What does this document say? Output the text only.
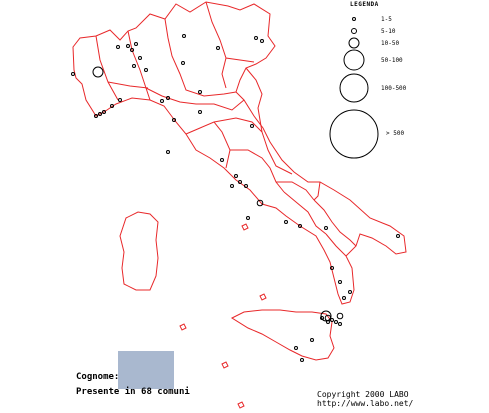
LEGENDA
1-5
5-10
10-50
50-100
100-500
> 500
Cognome:
Presente in 68 comuni	Copyright 2000 LABO
http://www.labo.net/
